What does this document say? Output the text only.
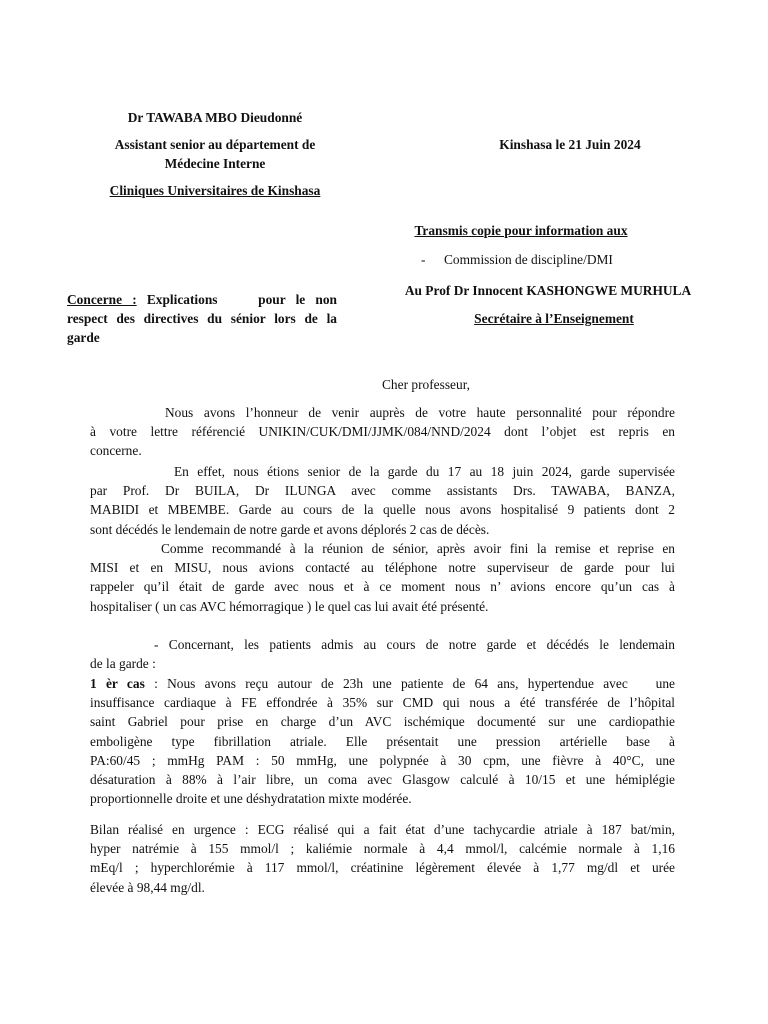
Dr TAWABA MBO Dieudonné
Assistant senior au département de
Médecine Interne
Cliniques Universitaires de Kinshasa
Kinshasa le 21 Juin 2024
Transmis copie pour information aux
- Commission de discipline/DMI
Au Prof Dr Innocent KASHONGWE MURHULA
Secrétaire à l’Enseignement
Concerne : Explications    pour le non
respect des directives du sénior lors de la
garde
Cher professeur,
Nous avons l’honneur de venir auprès de votre haute personnalité pour répondre
à votre lettre référencié UNIKIN/CUK/DMI/JJMK/084/NND/2024 dont l’objet est repris en
concerne.
En effet, nous étions senior de la garde du 17 au 18 juin 2024, garde supervisée
par Prof. Dr BUILA, Dr ILUNGA avec comme assistants Drs. TAWABA, BANZA,
MABIDI et MBEMBE. Garde au cours de la quelle nous avons hospitalisé 9 patients dont 2
sont décédés le lendemain de notre garde et avons déplorés 2 cas de décès.
Comme recommandé à la réunion de sénior, après avoir fini la remise et reprise en
MISI et en MISU, nous avions contacté au téléphone notre superviseur de garde pour lui
rappeler qu’il était de garde avec nous et à ce moment nous n’ avions encore qu’un cas à
hospitaliser ( un cas AVC hémorragique ) le quel cas lui avait été présenté.
- Concernant, les patients admis au cours de notre garde et décédés le lendemain
de la garde :
1 èr cas : Nous avons reçu autour de 23h une patiente de 64 ans, hypertendue avec   une
insuffisance cardiaque à FE effondrée à 35% sur CMD qui nous a été transférée de l’hôpital
saint Gabriel pour prise en charge d’un AVC ischémique documenté sur une cardiopathie
emboligène type fibrillation atriale. Elle présentait une pression artérielle base à
PA:60/45 ; mmHg PAM : 50 mmHg, une polypnée à 30 cpm, une fièvre à 40°C, une
désaturation à 88% à l’air libre, un coma avec Glasgow calculé à 10/15 et une hémiplégie
proportionnelle droite et une déshydratation mixte modérée.
Bilan réalisé en urgence : ECG réalisé qui a fait état d’une tachycardie atriale à 187 bat/min,
hyper natrémie à 155 mmol/l ; kaliémie normale à 4,4 mmol/l, calcémie normale à 1,16
mEq/l ; hyperchlorémie à 117 mmol/l, créatinine légèrement élevée à 1,77 mg/dl et urée
élevée à 98,44 mg/dl.
